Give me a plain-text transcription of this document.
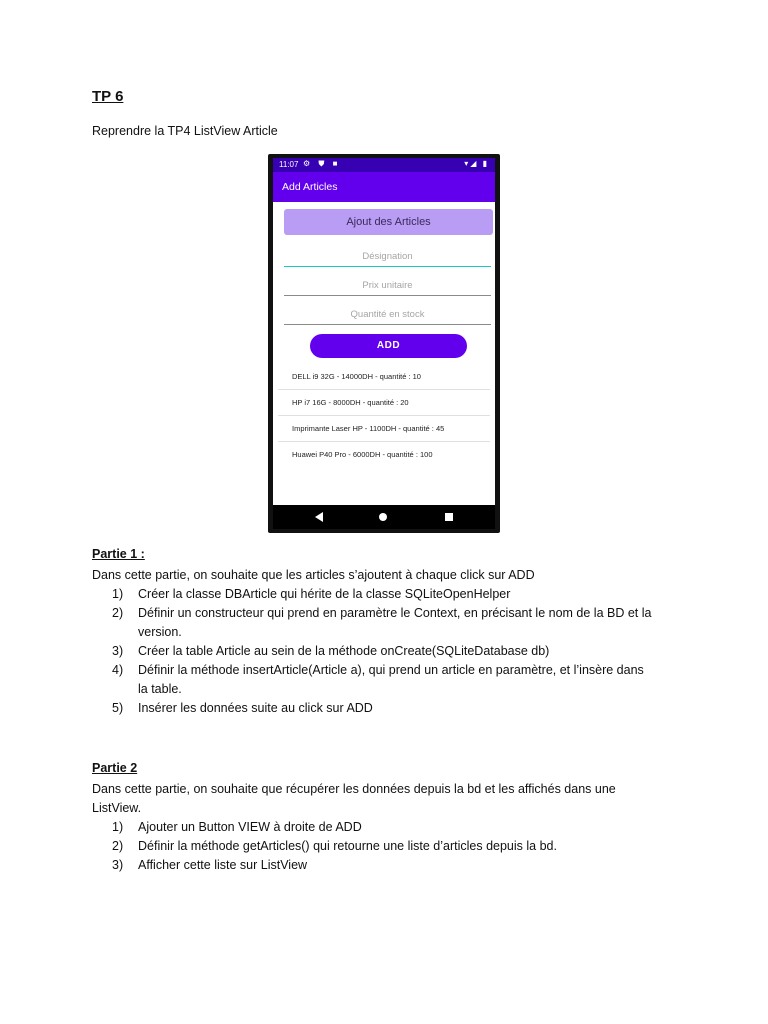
TP 6
Reprendre la TP4 ListView Article
11:07 ⚙ ⛊ ■	▾◢ ▮
Add Articles
Ajout des Articles
Désignation
Prix unitaire
Quantité en stock
ADD
DELL i9 32G - 14000DH - quantité : 10
HP i7 16G - 8000DH - quantité : 20
Imprimante Laser HP - 1100DH - quantité : 45
Huawei P40 Pro - 6000DH - quantité : 100
Partie 1 :
Dans cette partie, on souhaite que les articles s’ajoutent à chaque click sur ADD
1) Créer la classe DBArticle qui hérite de la classe SQLiteOpenHelper
2) Définir un constructeur qui prend en paramètre le Context, en précisant le nom de la BD et la
version.
3) Créer la table Article au sein de la méthode onCreate(SQLiteDatabase db)
4) Définir la méthode insertArticle(Article a), qui prend un article en paramètre, et l’insère dans
la table.
5) Insérer les données suite au click sur ADD
Partie 2
Dans cette partie, on souhaite que récupérer les données depuis la bd et les affichés dans une
ListView.
1) Ajouter un Button VIEW à droite de ADD
2) Définir la méthode getArticles() qui retourne une liste d’articles depuis la bd.
3) Afficher cette liste sur ListView
